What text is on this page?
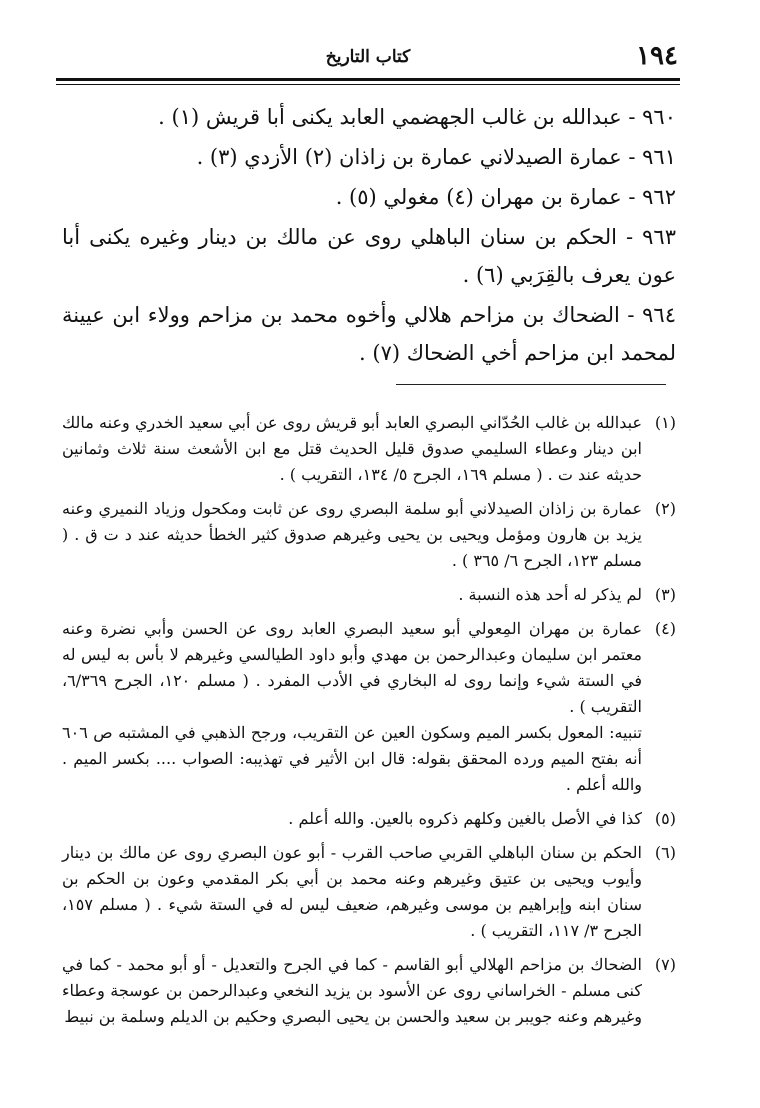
١٩٤
كتاب التاريخ

٩٦٠ - عبدالله بن غالب الجهضمي العابد يكنى أبا قريش (١) .

٩٦١ - عمارة الصيدلاني عمارة بن زاذان (٢) الأزدي (٣) .

٩٦٢ - عمارة بن مهران (٤) مغولي (٥) .

٩٦٣ - الحكم بن سنان الباهلي روى عن مالك بن دينار وغيره يكنى أبا عون يعرف بالقِرَبي (٦) .

٩٦٤ - الضحاك بن مزاحم هلالي وأخوه محمد بن مزاحم وولاء ابن عيينة لمحمد ابن مزاحم أخي الضحاك (٧) .

(١)

عبدالله بن غالب الحُدّاني البصري العابد أبو قريش روى عن أبي سعيد الخدري وعنه مالك ابن دينار وعطاء السليمي صدوق قليل الحديث قتل مع ابن الأشعث سنة ثلاث وثمانين حديثه عند ت . ( مسلم ١٦٩، الجرح ٥/ ١٣٤، التقريب ) .

(٢)

عمارة بن زاذان الصيدلاني أبو سلمة البصري روى عن ثابت ومكحول وزياد النميري وعنه يزيد بن هارون ومؤمل ويحيى بن يحيى وغيرهم صدوق كثير الخطأ حديثه عند د ت ق . ( مسلم ١٢٣، الجرح ٦/ ٣٦٥ ) .

(٣)

لم يذكر له أحد هذه النسبة .

(٤)

عمارة بن مهران المِعولي أبو سعيد البصري العابد روى عن الحسن وأبي نضرة وعنه معتمر ابن سليمان وعبدالرحمن بن مهدي وأبو داود الطيالسي وغيرهم لا بأس به ليس له في الستة شيء وإنما روى له البخاري في الأدب المفرد . ( مسلم ١٢٠، الجرح ٦/٣٦٩، التقريب ) .

تنبيه: المعول بكسر الميم وسكون العين عن التقريب، ورجح الذهبي في المشتبه ص ٦٠٦ أنه بفتح الميم ورده المحقق بقوله: قال ابن الأثير في تهذيبه: الصواب .... بكسر الميم . والله أعلم .

(٥)

كذا في الأصل بالغين وكلهم ذكروه بالعين. والله أعلم .

(٦)

الحكم بن سنان الباهلي القربي صاحب القرب - أبو عون البصري روى عن مالك بن دينار وأيوب ويحيى بن عتيق وغيرهم وعنه محمد بن أبي بكر المقدمي وعون بن الحكم بن سنان ابنه وإبراهيم بن موسى وغيرهم، ضعيف ليس له في الستة شيء . ( مسلم ١٥٧، الجرح ٣/ ١١٧، التقريب ) .

(٧)

الضحاك بن مزاحم الهلالي أبو القاسم - كما في الجرح والتعديل - أو أبو محمد - كما في كنى مسلم - الخراساني روى عن الأسود بن يزيد النخعي وعبدالرحمن بن عوسجة وعطاء وغيرهم وعنه جويبر بن سعيد والحسن بن يحيى البصري وحكيم بن الديلم وسلمة بن نبيط
